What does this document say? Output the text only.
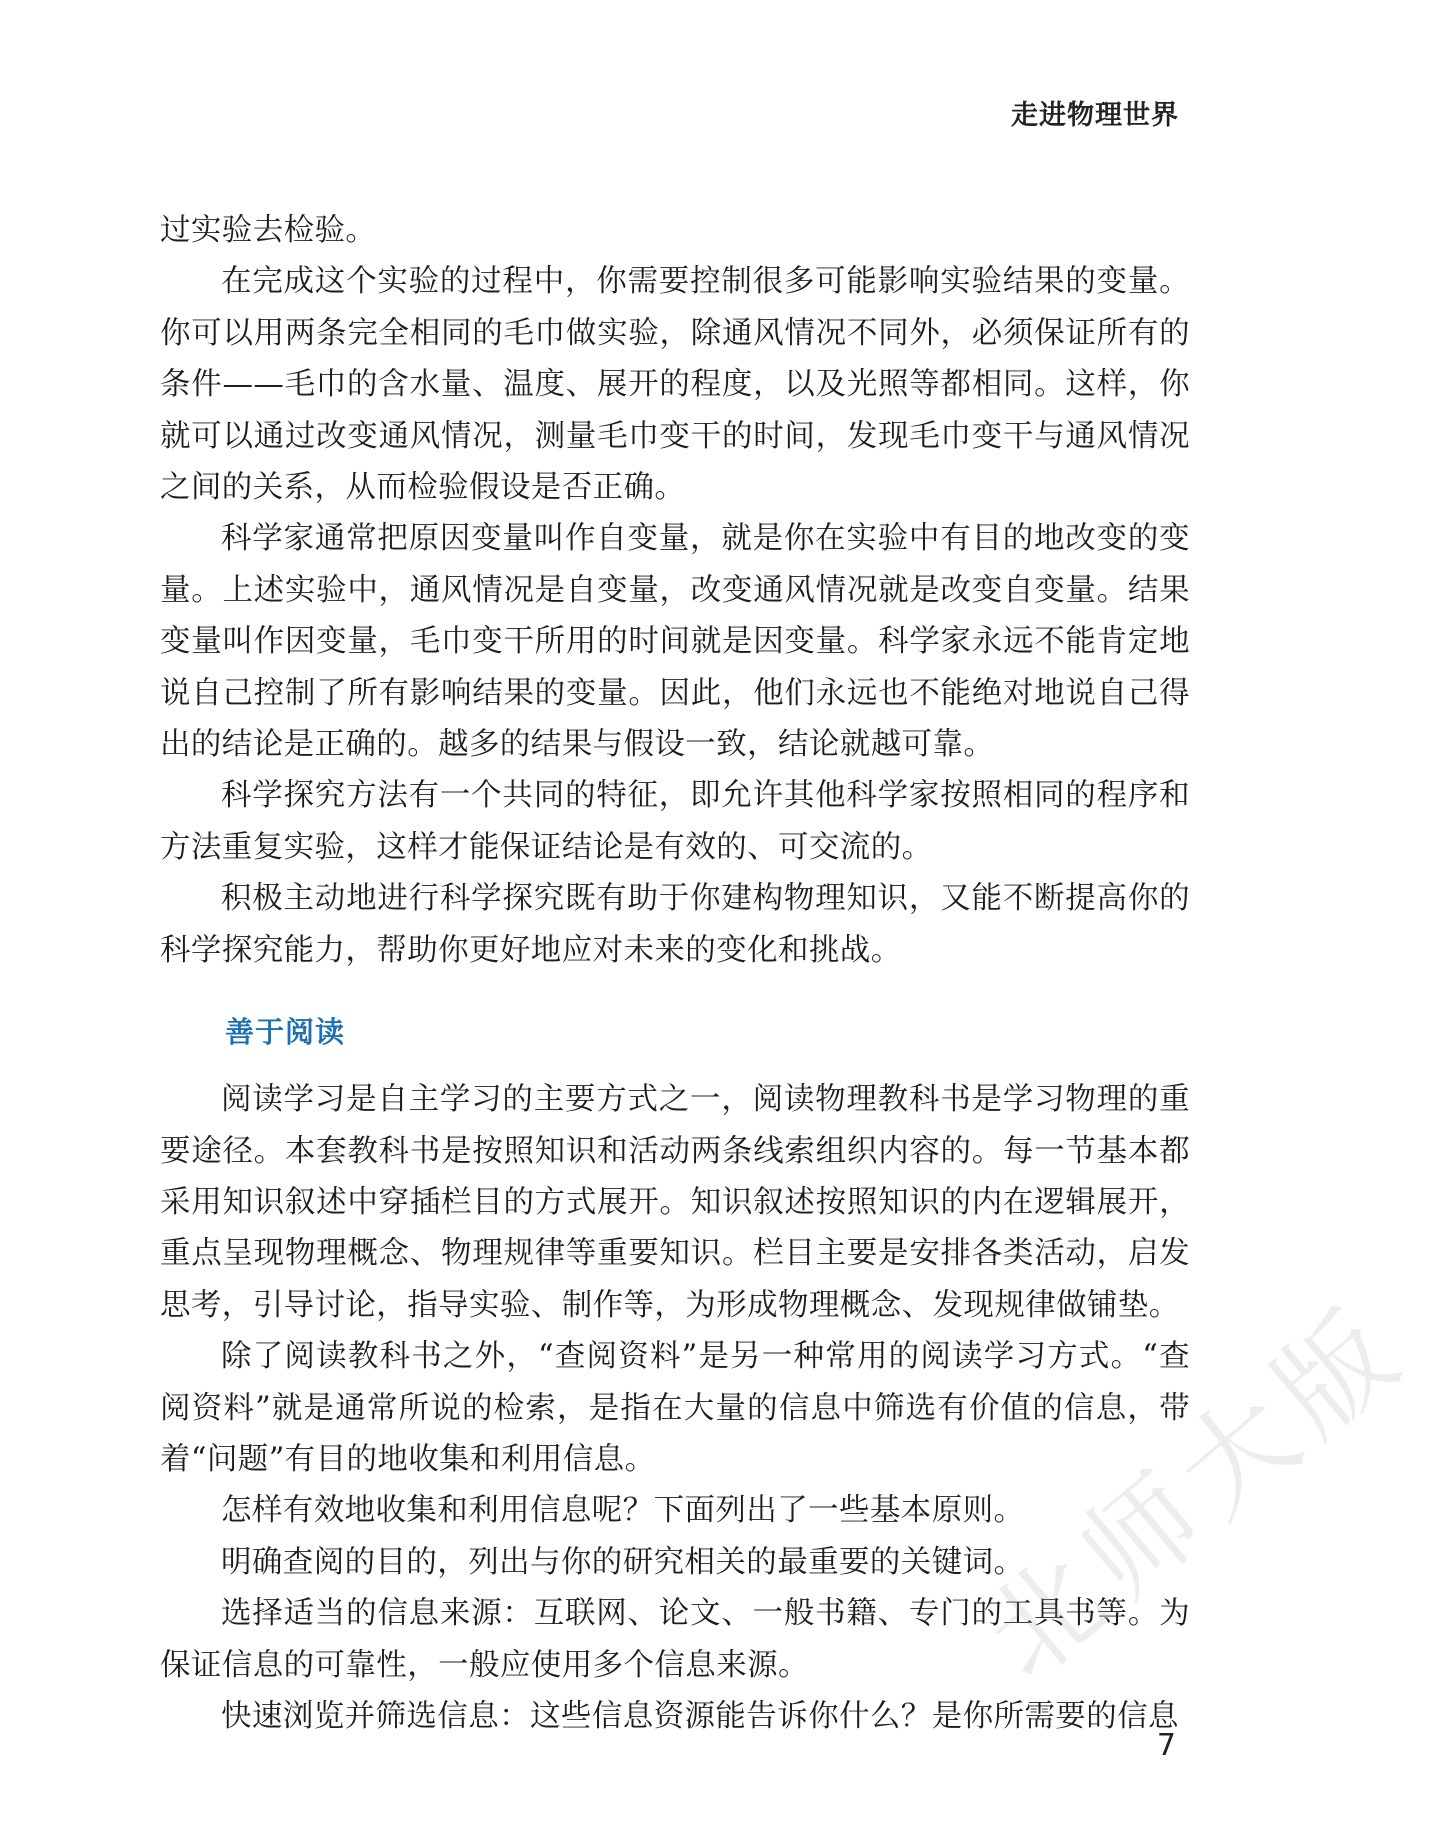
走进物理世界

过实验去检验。

在完成这个实验的过程中，你需要控制很多可能影响实验结果的变量。你可以用两条完全相同的毛巾做实验，除通风情况不同外，必须保证所有的条件——毛巾的含水量、温度、展开的程度，以及光照等都相同。这样，你就可以通过改变通风情况，测量毛巾变干的时间，发现毛巾变干与通风情况之间的关系，从而检验假设是否正确。

科学家通常把原因变量叫作自变量，就是你在实验中有目的地改变的变量。上述实验中，通风情况是自变量，改变通风情况就是改变自变量。结果变量叫作因变量，毛巾变干所用的时间就是因变量。科学家永远不能肯定地说自己控制了所有影响结果的变量。因此，他们永远也不能绝对地说自己得出的结论是正确的。越多的结果与假设一致，结论就越可靠。

科学探究方法有一个共同的特征，即允许其他科学家按照相同的程序和方法重复实验，这样才能保证结论是有效的、可交流的。

积极主动地进行科学探究既有助于你建构物理知识，又能不断提高你的科学探究能力，帮助你更好地应对未来的变化和挑战。

善于阅读

阅读学习是自主学习的主要方式之一，阅读物理教科书是学习物理的重要途径。本套教科书是按照知识和活动两条线索组织内容的。每一节基本都采用知识叙述中穿插栏目的方式展开。知识叙述按照知识的内在逻辑展开，重点呈现物理概念、物理规律等重要知识。栏目主要是安排各类活动，启发思考，引导讨论，指导实验、制作等，为形成物理概念、发现规律做铺垫。

除了阅读教科书之外，“查阅资料”是另一种常用的阅读学习方式。“查阅资料”就是通常所说的检索，是指在大量的信息中筛选有价值的信息，带着“问题”有目的地收集和利用信息。

怎样有效地收集和利用信息呢？下面列出了一些基本原则。

明确查阅的目的，列出与你的研究相关的最重要的关键词。

选择适当的信息来源：互联网、论文、一般书籍、专门的工具书等。为保证信息的可靠性，一般应使用多个信息来源。

快速浏览并筛选信息：这些信息资源能告诉你什么？是你所需要的信息

7
北师大版
